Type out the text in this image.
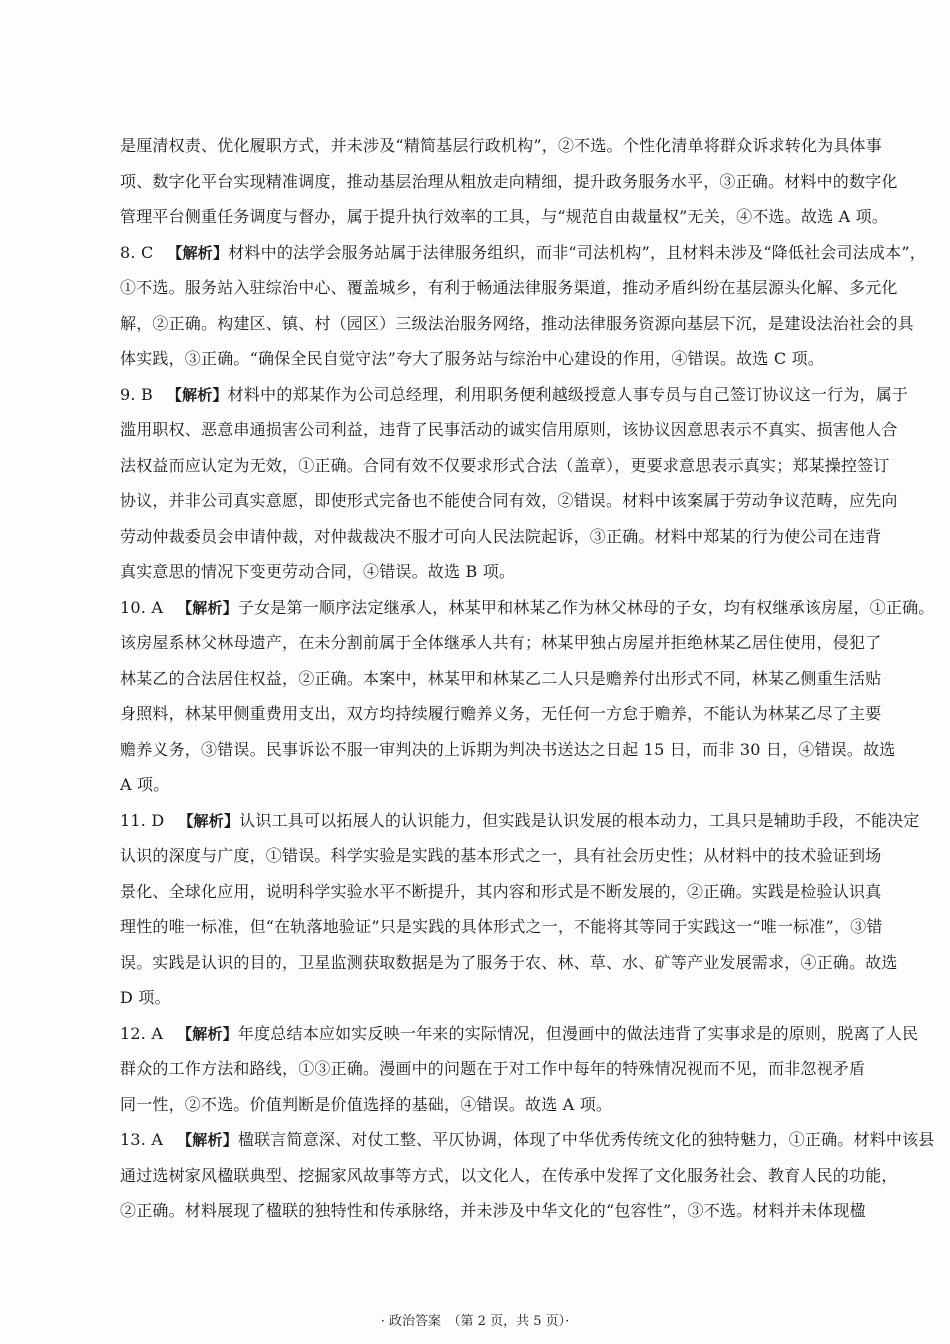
是厘清权责、优化履职方式，并未涉及“精简基层行政机构”，②不选。个性化清单将群众诉求转化为具体事
项、数字化平台实现精准调度，推动基层治理从粗放走向精细，提升政务服务水平，③正确。材料中的数字化
管理平台侧重任务调度与督办，属于提升执行效率的工具，与“规范自由裁量权”无关，④不选。故选 A 项。
8. C 【解析】材料中的法学会服务站属于法律服务组织，而非“司法机构”，且材料未涉及“降低社会司法成本”，
①不选。服务站入驻综治中心、覆盖城乡，有利于畅通法律服务渠道，推动矛盾纠纷在基层源头化解、多元化
解，②正确。构建区、镇、村（园区）三级法治服务网络，推动法律服务资源向基层下沉，是建设法治社会的具
体实践，③正确。“确保全民自觉守法”夸大了服务站与综治中心建设的作用，④错误。故选 C 项。
9. B 【解析】材料中的郑某作为公司总经理，利用职务便利越级授意人事专员与自己签订协议这一行为，属于
滥用职权、恶意串通损害公司利益，违背了民事活动的诚实信用原则，该协议因意思表示不真实、损害他人合
法权益而应认定为无效，①正确。合同有效不仅要求形式合法（盖章），更要求意思表示真实；郑某操控签订
协议，并非公司真实意愿，即使形式完备也不能使合同有效，②错误。材料中该案属于劳动争议范畴，应先向
劳动仲裁委员会申请仲裁，对仲裁裁决不服才可向人民法院起诉，③正确。材料中郑某的行为使公司在违背
真实意思的情况下变更劳动合同，④错误。故选 B 项。
10. A 【解析】子女是第一顺序法定继承人，林某甲和林某乙作为林父林母的子女，均有权继承该房屋，①正确。
该房屋系林父林母遗产，在未分割前属于全体继承人共有；林某甲独占房屋并拒绝林某乙居住使用，侵犯了
林某乙的合法居住权益，②正确。本案中，林某甲和林某乙二人只是赡养付出形式不同，林某乙侧重生活贴
身照料，林某甲侧重费用支出，双方均持续履行赡养义务，无任何一方怠于赡养，不能认为林某乙尽了主要
赡养义务，③错误。民事诉讼不服一审判决的上诉期为判决书送达之日起 15 日，而非 30 日，④错误。故选
A 项。
11. D 【解析】认识工具可以拓展人的认识能力，但实践是认识发展的根本动力，工具只是辅助手段，不能决定
认识的深度与广度，①错误。科学实验是实践的基本形式之一，具有社会历史性；从材料中的技术验证到场
景化、全球化应用，说明科学实验水平不断提升，其内容和形式是不断发展的，②正确。实践是检验认识真
理性的唯一标准，但“在轨落地验证”只是实践的具体形式之一，不能将其等同于实践这一“唯一标准”，③错
误。实践是认识的目的，卫星监测获取数据是为了服务于农、林、草、水、矿等产业发展需求，④正确。故选
D 项。
12. A 【解析】年度总结本应如实反映一年来的实际情况，但漫画中的做法违背了实事求是的原则，脱离了人民
群众的工作方法和路线，①③正确。漫画中的问题在于对工作中每年的特殊情况视而不见，而非忽视矛盾
同一性，②不选。价值判断是价值选择的基础，④错误。故选 A 项。
13. A 【解析】楹联言简意深、对仗工整、平仄协调，体现了中华优秀传统文化的独特魅力，①正确。材料中该县
通过选树家风楹联典型、挖掘家风故事等方式，以文化人，在传承中发挥了文化服务社会、教育人民的功能，
②正确。材料展现了楹联的独特性和传承脉络，并未涉及中华文化的“包容性”，③不选。材料并未体现楹
· 政治答案　（第 2 页，共 5 页）·
